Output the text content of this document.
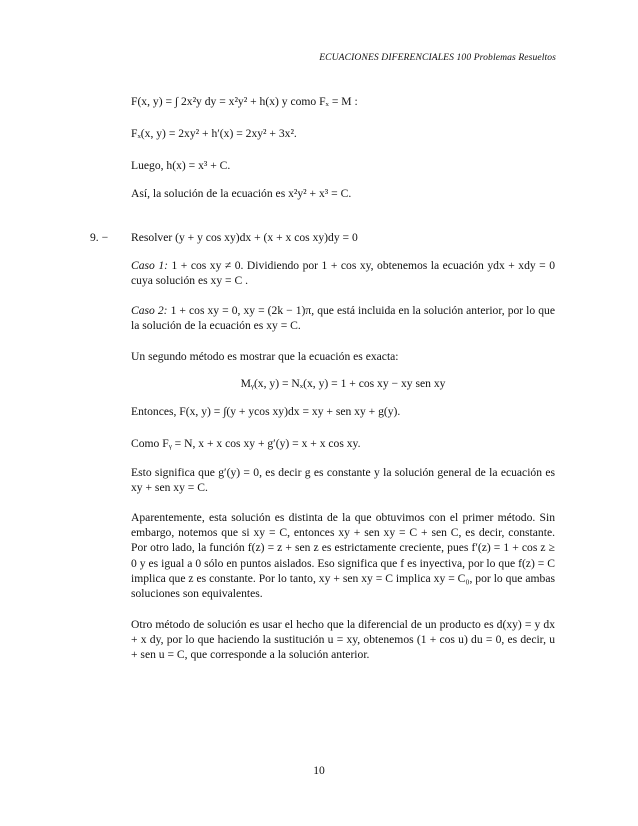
ECUACIONES DIFERENCIALES 100 Problemas Resueltos
F(x, y) = ∫ 2x²y dy = x²y² + h(x) y como Fₓ = M :
Fₓ(x, y) = 2xy² + h′(x) = 2xy² + 3x².
Luego, h(x) = x³ + C.
Así, la solución de la ecuación es x²y² + x³ = C.
9. − Resolver (y + y cos xy)dx + (x + x cos xy)dy = 0
Caso 1: 1 + cos xy ≠ 0. Dividiendo por 1 + cos xy, obtenemos la ecuación ydx + xdy = 0 cuya solución es xy = C .
Caso 2: 1 + cos xy = 0, xy = (2k − 1)π, que está incluida en la solución anterior, por lo que la solución de la ecuación es xy = C.
Un segundo método es mostrar que la ecuación es exacta:
Mᵧ(x, y) = Nₓ(x, y) = 1 + cos xy − xy sen xy
Entonces, F(x, y) = ∫(y + ycos xy)dx = xy + sen xy + g(y).
Como Fᵧ = N, x + x cos xy + g′(y) = x + x cos xy.
Esto significa que g′(y) = 0, es decir g es constante y la solución general de la ecuación es xy + sen xy = C.
Aparentemente, esta solución es distinta de la que obtuvimos con el primer método. Sin embargo, notemos que si xy = C, entonces xy + sen xy = C + sen C, es decir, constante. Por otro lado, la función f(z) = z + sen z es estrictamente creciente, pues f′(z) = 1 + cos z ≥ 0 y es igual a 0 sólo en puntos aislados. Eso significa que f es inyectiva, por lo que f(z) = C implica que z es constante. Por lo tanto, xy + sen xy = C implica xy = C₀, por lo que ambas soluciones son equivalentes.
Otro método de solución es usar el hecho que la diferencial de un producto es d(xy) = y dx + x dy, por lo que haciendo la sustitución u = xy, obtenemos (1 + cos u) du = 0, es decir, u + sen u = C, que corresponde a la solución anterior.
10
